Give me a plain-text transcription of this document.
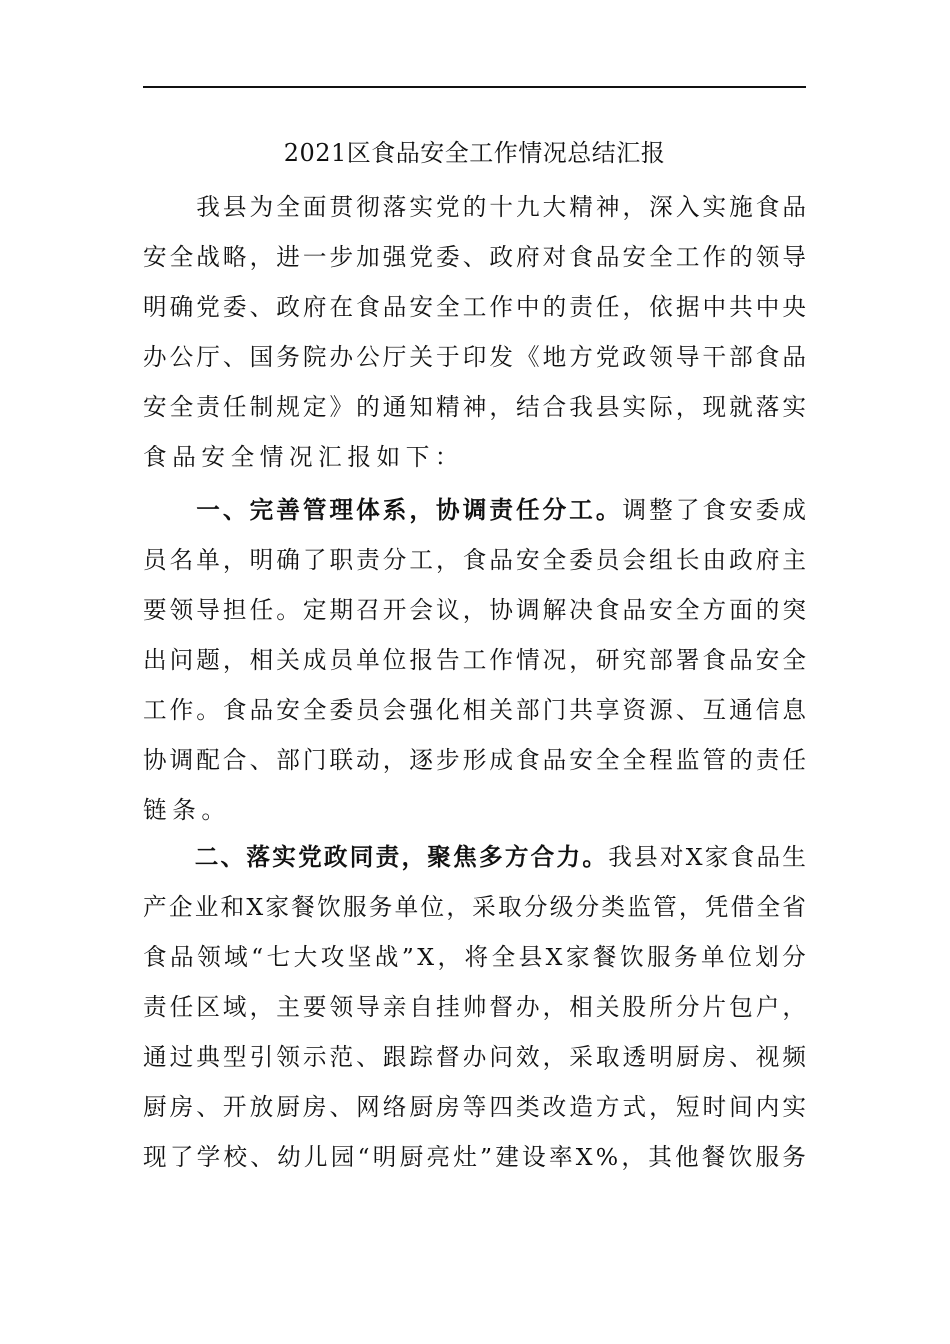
2021区食品安全工作情况总结汇报

我 县 为 全 面 贯 彻 落 实 党 的 十 九 大 精 神 ， 深 入 实 施 食 品
安 全 战 略 ， 进 一 步 加 强 党 委 、 政 府 对 食 品 安 全 工 作 的 领 导
明 确 党 委 、 政 府 在 食 品 安 全 工 作 中 的 责 任 ， 依 据 中 共 中 央
办 公 厅 、 国 务 院 办 公 厅 关 于 印 发 《 地 方 党 政 领 导 干 部 食 品
安 全 责 任 制 规 定 》 的 通 知 精 神 ， 结 合 我 县 实 际 ， 现 就 落 实
食 品 安 全 情 况 汇 报 如 下 ：

一 、 完 善 管 理 体 系 ， 协 调 责 任 分 工 。 调 整 了 食 安 委 成
员 名 单 ， 明 确 了 职 责 分 工 ， 食 品 安 全 委 员 会 组 长 由 政 府 主
要 领 导 担 任 。 定 期 召 开 会 议 ， 协 调 解 决 食 品 安 全 方 面 的 突
出 问 题 ， 相 关 成 员 单 位 报 告 工 作 情 况 ， 研 究 部 署 食 品 安 全
工 作 。 食 品 安 全 委 员 会 强 化 相 关 部 门 共 享 资 源 、 互 通 信 息
协 调 配 合 、 部 门 联 动 ， 逐 步 形 成 食 品 安 全 全 程 监 管 的 责 任
链 条 。

二 、 落 实 党 政 同 责 ， 聚 焦 多 方 合 力 。 我 县 对 X 家 食 品 生
产 企 业 和 X 家 餐 饮 服 务 单 位 ， 采 取 分 级 分 类 监 管 ， 凭 借 全 省
食 品 领 域 “ 七 大 攻 坚 战 ” X ， 将 全 县 X 家 餐 饮 服 务 单 位 划 分
责 任 区 域 ， 主 要 领 导 亲 自 挂 帅 督 办 ， 相 关 股 所 分 片 包 户 ，
通 过 典 型 引 领 示 范 、 跟 踪 督 办 问 效 ， 采 取 透 明 厨 房 、 视 频
厨 房 、 开 放 厨 房 、 网 络 厨 房 等 四 类 改 造 方 式 ， 短 时 间 内 实
现 了 学 校 、 幼 儿 园 “ 明 厨 亮 灶 ” 建 设 率 X % ， 其 他 餐 饮 服 务
